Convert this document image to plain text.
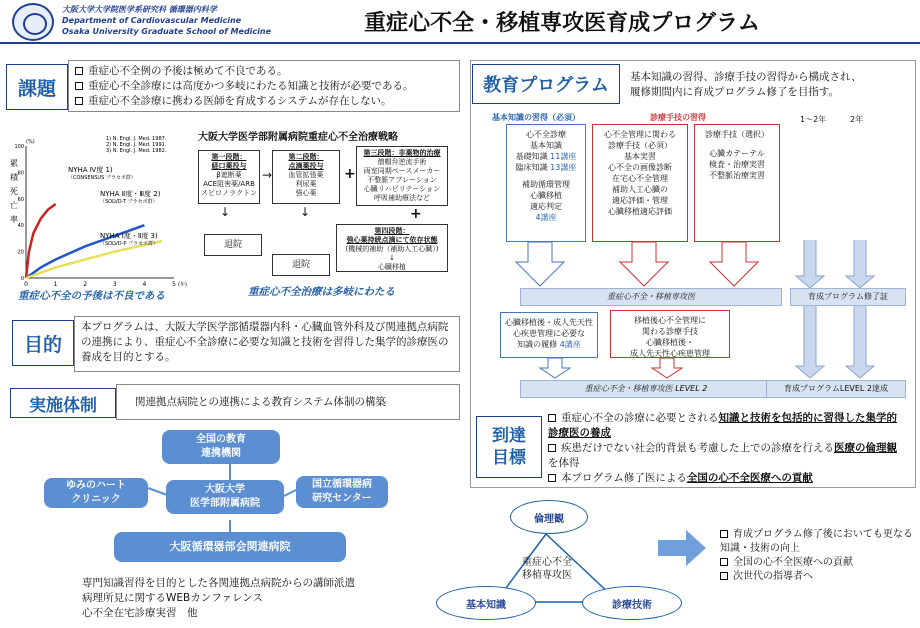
大阪大学大学院医学系研究科 循環器内科学
Department of Cardiovascular Medicine
Osaka University Graduate School of Medicine	重症心不全・移植専攻医育成プログラム
課題
重症心不全例の予後は極めて不良である。
重症心不全診療には高度かつ多岐にわたる知識と技術が必要である。
重症心不全診療に携わる医師を育成するシステムが存在しない。
0	1	2	3	4	5
0
20
40
60
80
100
(年)
(%)
累
積
死
亡
率
1) N. Engl. J. Med. 1987.
2) N. Engl. J. Med. 1991.
3) N. Engl. J. Med. 1982.
NYHA Ⅳ度 1)
（CONSENSUS プラセボ群）
NYHA Ⅱ度・Ⅲ度 2)
（SOLVD-T プラセボ群）
NYHA Ⅰ度・Ⅱ度 3)
（SOLVD-P プラセボ群）
重症心不全の予後は不良である
大阪大学医学部附属病院重症心不全治療戦略
第一段階：
経口薬投与
β遮断薬
ACE阻害薬/ARB
スピロノラクトン
→
第二段階：
点滴薬投与
血管拡張薬
利尿薬
強心薬
+
第三段階：非薬物的治療
僧帽弁逆流手術
両室同期ペースメーカー
不整脈アブレーション
心臓リハビリテーション
呼吸補助療法など
+
第四段階：
強心薬持続点滴にて依存状態
(機械的補助（補助人工心臓）)
↓
心臓移植
↓
退院
↓
退院
重症心不全治療は多岐にわたる
目的
本プログラムは、大阪大学医学部循環器内科・心臓血管外科及び関連拠点病院の連携により、重症心不全診療に必要な知識と技術を習得した集学的診療医の養成を目的とする。
実施体制	関連拠点病院との連携による教育システム体制の構築
全国の教育
連携機関
ゆみのハート
クリニック
大阪大学
医学部附属病院
国立循環器病
研究センター
大阪循環器部会関連病院
専門知識習得を目的とした各関連拠点病院からの講師派遣
病理所見に関するWEBカンファレンス
心不全在宅診療実習　他
教育プログラム	基本知識の習得、診療手技の習得から構成され、
履修期間内に育成プログラム修了を目指す。
基本知識の習得（必須）	診療手技の習得	1〜2年	2年
心不全診療
基本知識
基礎知識 11講座
臨床知識 13講座
補助循環管理
心臓移植
適応判定
4講座
心不全管理に関わる
診療手技（必須）
基本実習
心不全の画像診断
在宅心不全管理
補助人工心臓の
適応評価・管理
心臓移植適応評価
診療手技（選択）
心臓カテーテル
検査・治療実習
不整脈治療実習
重症心不全・移植専攻医	育成プログラム修了証
心臓移植後・成人先天性
心疾患管理に必要な
知識の履修 4講座
移植後心不全管理に
関わる診療手技
心臓移植後・
成人先天性心疾患管理
重症心不全・移植専攻医 LEVEL 2	育成プログラムLEVEL 2達成
到達
目標
重症心不全の診療に必要とされる知識と技術を包括的に習得した集学的診療医の養成
疾患だけでない社会的背景も考慮した上での診療を行える医療の倫理観を体得
本プログラム修了医による全国の心不全医療への貢献
倫理観
基本知識	診療技術
重症心不全
移植専攻医
育成プログラム修了後においても更なる知識・技術の向上
全国の心不全医療への貢献
次世代の指導者へ
